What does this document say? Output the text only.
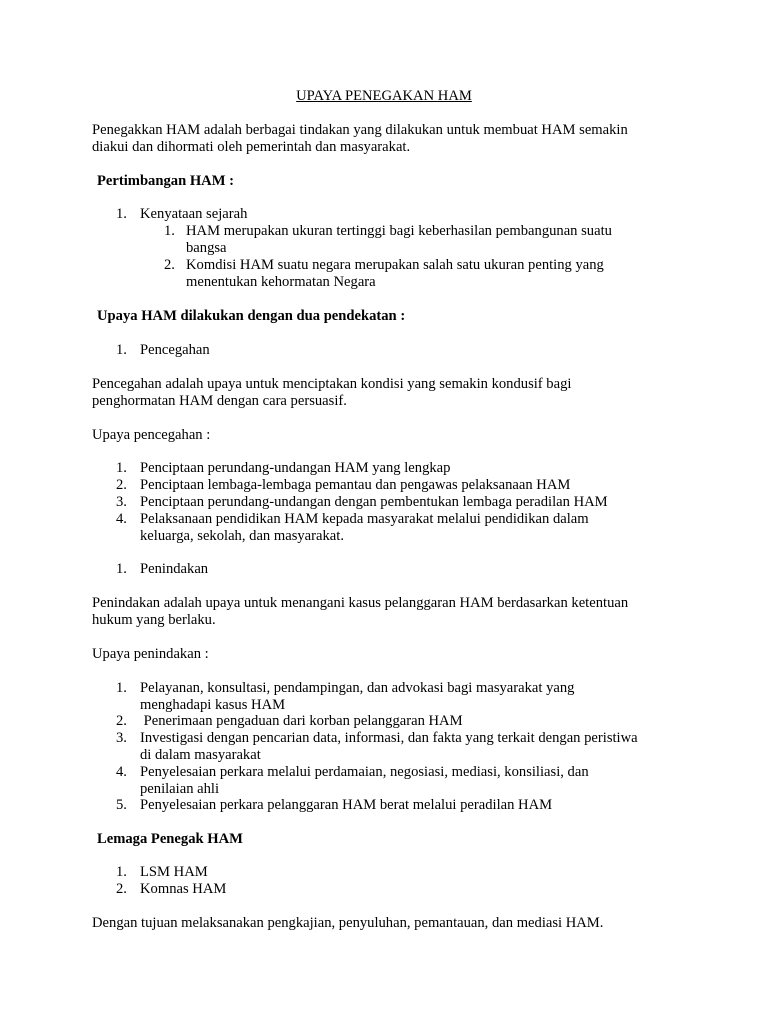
UPAYA PENEGAKAN HAM
Penegakkan HAM adalah berbagai tindakan yang dilakukan untuk membuat HAM semakin
diakui dan dihormati oleh pemerintah dan masyarakat.
Pertimbangan HAM :
1. Kenyataan sejarah
1. HAM merupakan ukuran tertinggi bagi keberhasilan pembangunan suatu
bangsa
2. Komdisi HAM suatu negara merupakan salah satu ukuran penting yang
menentukan kehormatan Negara
Upaya HAM dilakukan dengan dua pendekatan :
1. Pencegahan
Pencegahan adalah upaya untuk menciptakan kondisi yang semakin kondusif bagi
penghormatan HAM dengan cara persuasif.
Upaya pencegahan :
1. Penciptaan perundang-undangan HAM yang lengkap
2. Penciptaan lembaga-lembaga pemantau dan pengawas pelaksanaan HAM
3. Penciptaan perundang-undangan dengan pembentukan lembaga peradilan HAM
4. Pelaksanaan pendidikan HAM kepada masyarakat melalui pendidikan dalam
keluarga, sekolah, dan masyarakat.
1. Penindakan
Penindakan adalah upaya untuk menangani kasus pelanggaran HAM berdasarkan ketentuan
hukum yang berlaku.
Upaya penindakan :
1. Pelayanan, konsultasi, pendampingan, dan advokasi bagi masyarakat yang
menghadapi kasus HAM
2. Penerimaan pengaduan dari korban pelanggaran HAM
3. Investigasi dengan pencarian data, informasi, dan fakta yang terkait dengan peristiwa
di dalam masyarakat
4. Penyelesaian perkara melalui perdamaian, negosiasi, mediasi, konsiliasi, dan
penilaian ahli
5. Penyelesaian perkara pelanggaran HAM berat melalui peradilan HAM
Lemaga Penegak HAM
1. LSM HAM
2. Komnas HAM
Dengan tujuan melaksanakan pengkajian, penyuluhan, pemantauan, dan mediasi HAM.
